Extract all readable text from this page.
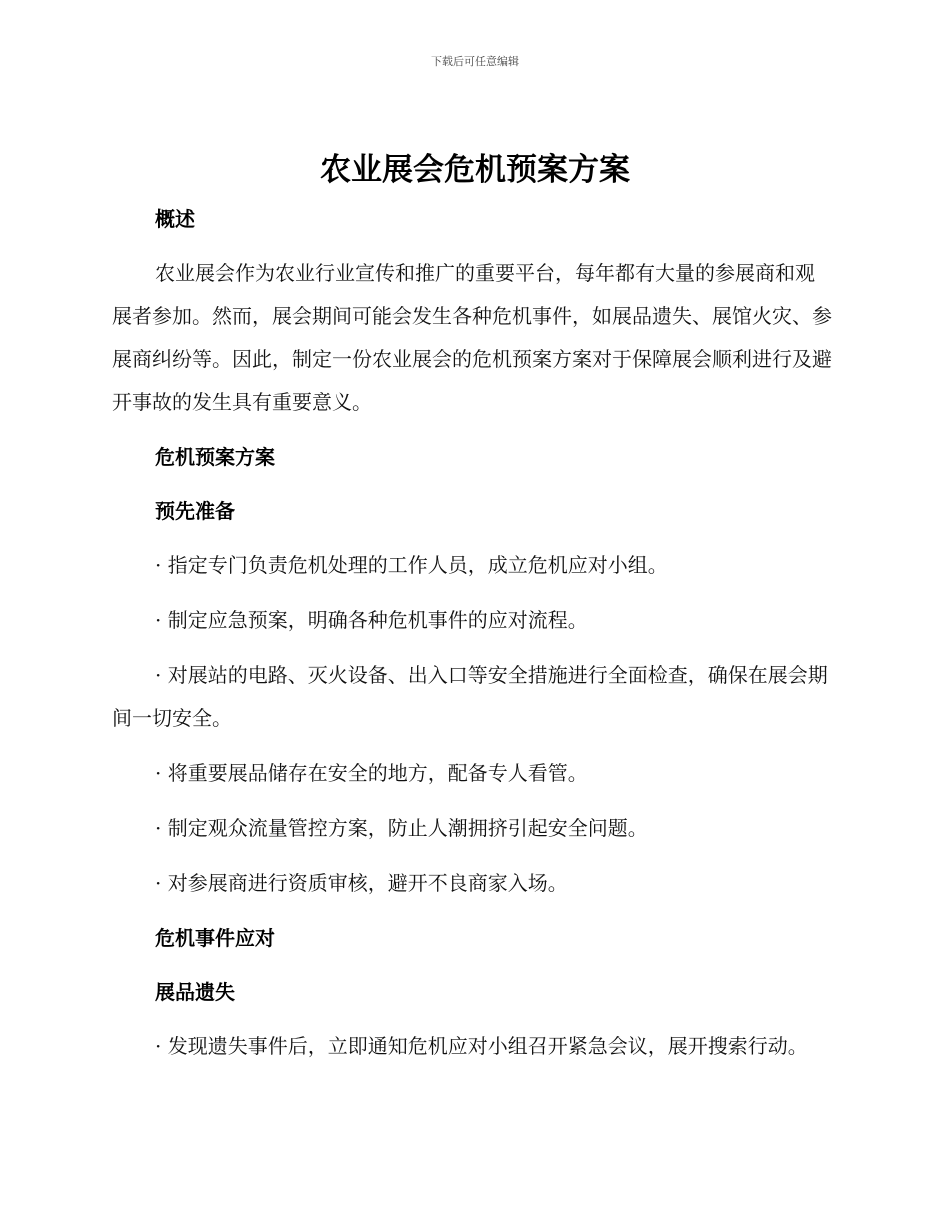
下载后可任意编辑
农业展会危机预案方案
概述

农业展会作为农业行业宣传和推广的重要平台，每年都有大量的参展商和观展者参加。然而，展会期间可能会发生各种危机事件，如展品遗失、展馆火灾、参展商纠纷等。因此，制定一份农业展会的危机预案方案对于保障展会顺利进行及避开事故的发生具有重要意义。

危机预案方案
预先准备

· 指定专门负责危机处理的工作人员，成立危机应对小组。

· 制定应急预案，明确各种危机事件的应对流程。

· 对展站的电路、灭火设备、出入口等安全措施进行全面检查，确保在展会期间一切安全。

· 将重要展品储存在安全的地方，配备专人看管。

· 制定观众流量管控方案，防止人潮拥挤引起安全问题。

· 对参展商进行资质审核，避开不良商家入场。

危机事件应对
展品遗失

· 发现遗失事件后，立即通知危机应对小组召开紧急会议，展开搜索行动。
